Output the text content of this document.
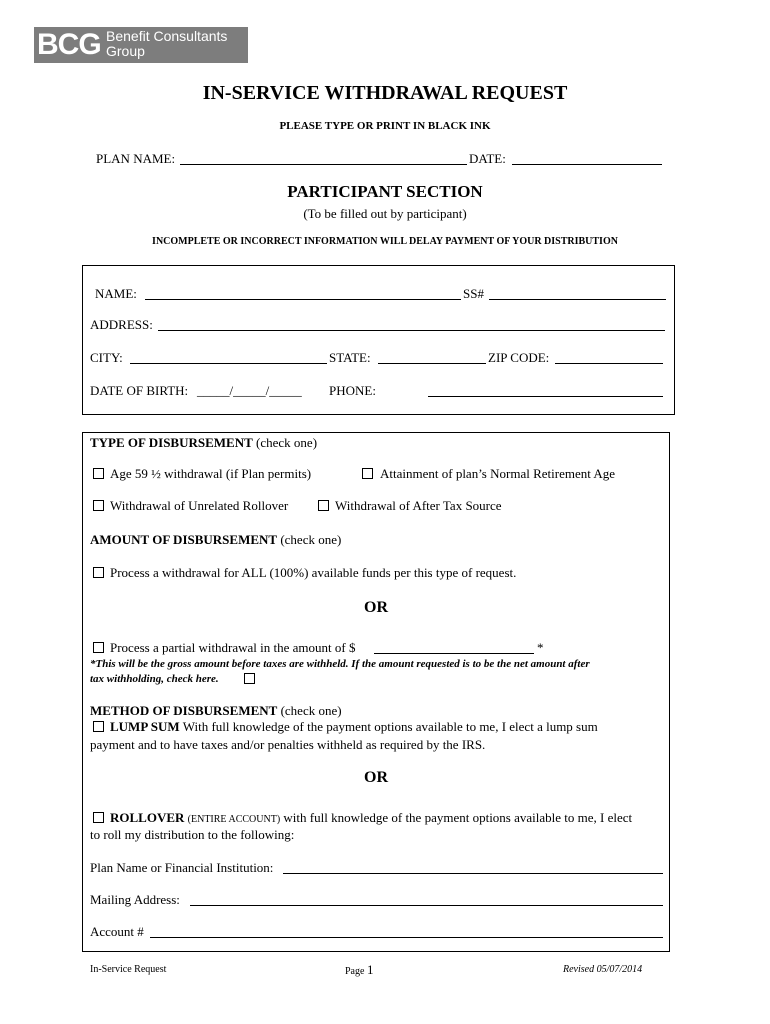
BCG Benefit Consultants
Group
IN-SERVICE WITHDRAWAL REQUEST
PLEASE TYPE OR PRINT IN BLACK INK
PLAN NAME:	DATE:
PARTICIPANT SECTION
(To be filled out by participant)
INCOMPLETE OR INCORRECT INFORMATION WILL DELAY PAYMENT OF YOUR DISTRIBUTION
NAME:	SS#
ADDRESS:
CITY:	STATE:	ZIP CODE:
DATE OF BIRTH: _____/_____/_____ PHONE:
TYPE OF DISBURSEMENT (check one)
Age 59 ½ withdrawal (if Plan permits)	Attainment of plan’s Normal Retirement Age
Withdrawal of Unrelated Rollover	Withdrawal of After Tax Source
AMOUNT OF DISBURSEMENT (check one)
Process a withdrawal for ALL (100%) available funds per this type of request.
OR
Process a partial withdrawal in the amount of $	*
*This will be the gross amount before taxes are withheld. If the amount requested is to be the net amount after
tax withholding, check here.
METHOD OF DISBURSEMENT (check one)
LUMP SUM With full knowledge of the payment options available to me, I elect a lump sum
payment and to have taxes and/or penalties withheld as required by the IRS.
OR
ROLLOVER (ENTIRE ACCOUNT) with full knowledge of the payment options available to me, I elect
to roll my distribution to the following:
Plan Name or Financial Institution:
Mailing Address:
Account #
In-Service Request	Page 1	Revised 05/07/2014
